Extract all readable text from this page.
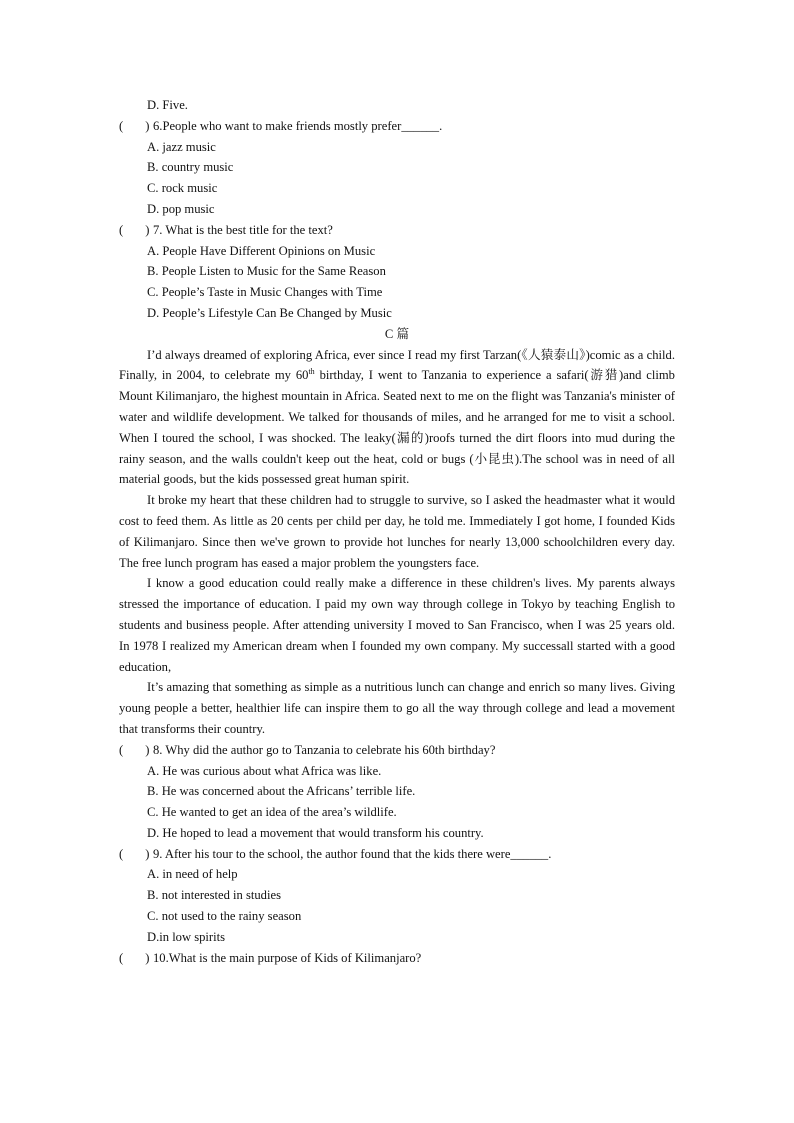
D. Five.
(       ) 6.People who want to make friends mostly prefer______.
A. jazz music
B. country music
C. rock music
D. pop music
(       ) 7. What is the best title for the text?
A. People Have Different Opinions on Music
B. People Listen to Music for the Same Reason
C. People’s Taste in Music Changes with Time
D. People’s Lifestyle Can Be Changed by Music
C 篇

I’d always dreamed of exploring Africa, ever since I read my first Tarzan(《人猿泰山》)comic as a child. Finally, in 2004, to celebrate my 60th birthday, I went to Tanzania to experience a safari(游猎)and climb Mount Kilimanjaro, the highest mountain in Africa. Seated next to me on the flight was Tanzania's minister of water and wildlife development. We talked for thousands of miles, and he arranged for me to visit a school. When I toured the school, I was shocked. The leaky(漏的)roofs turned the dirt floors into mud during the rainy season, and the walls couldn't keep out the heat, cold or bugs (小昆虫).The school was in need of all material goods, but the kids possessed great human spirit.

It broke my heart that these children had to struggle to survive, so I asked the headmaster what it would cost to feed them. As little as 20 cents per child per day, he told me. Immediately I got home, I founded Kids of Kilimanjaro. Since then we've grown to provide hot lunches for nearly 13,000 schoolchildren every day. The free lunch program has eased a major problem the youngsters face.

I know a good education could really make a difference in these children's lives. My parents always stressed the importance of education. I paid my own way through college in Tokyo by teaching English to students and business people. After attending university I moved to San Francisco, when I was 25 years old. In 1978 I realized my American dream when I founded my own company. My successall started with a good education,

It’s amazing that something as simple as a nutritious lunch can change and enrich so many lives. Giving young people a better, healthier life can inspire them to go all the way through college and lead a movement that transforms their country.

(       ) 8. Why did the author go to Tanzania to celebrate his 60th birthday?
A. He was curious about what Africa was like.
B. He was concerned about the Africans’ terrible life.
C. He wanted to get an idea of the area’s wildlife.
D. He hoped to lead a movement that would transform his country.
(       ) 9. After his tour to the school, the author found that the kids there were______.
A. in need of help
B. not interested in studies
C. not used to the rainy season
D.in low spirits
(       ) 10.What is the main purpose of Kids of Kilimanjaro?
